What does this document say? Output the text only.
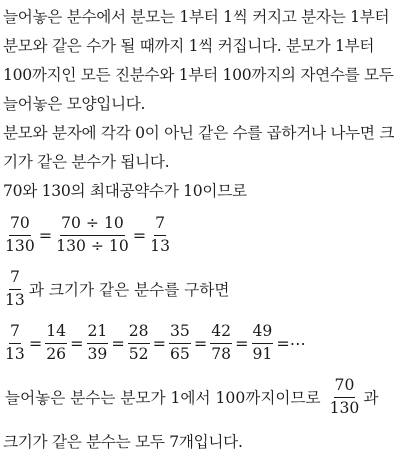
늘어놓은 분수에서 분모는 1부터 1씩 커지고 분자는 1부터 분모와 같은 수가 될 때까지 1씩 커집니다. 분모가 1부터 100까지인 모든 진분수와 1부터 100까지의 자연수를 모두 늘어놓은 모양입니다.
분모와 분자에 각각 0이 아닌 같은 수를 곱하거나 나누면 크기가 같은 분수가 됩니다.
70와 130의 최대공약수가 10이므로
$\frac{70}{130} = \frac{70 \div 10}{130 \div 10} = \frac{7}{13}$
$\frac{7}{13}$ 과 크기가 같은 분수를 구하면
$\frac{7}{13} = \frac{14}{26} = \frac{21}{39} = \frac{28}{52} = \frac{35}{65} = \frac{42}{78} = \frac{49}{91}$ =⋯
늘어놓은 분수는 분모가 1에서 100까지이므로 $\frac{70}{130}$ 과
크기가 같은 분수는 모두 7개입니다.
